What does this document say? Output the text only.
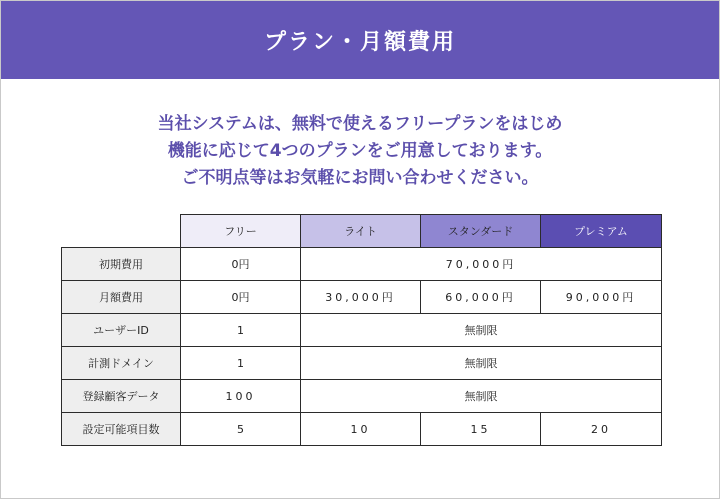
プラン・月額費用
当社システムは、無料で使えるフリープランをはじめ
機能に応じて4つのプランをご用意しております。
ご不明点等はお気軽にお問い合わせください。
	フリー	ライト	スタンダード	プレミアム
初期費用	0円	70,000円		
月額費用	0円	30,000円	60,000円	90,000円
ユーザーID	1	無制限		
計測ドメイン	1	無制限		
登録顧客データ	100	無制限		
設定可能項目数	5	10	15	20
